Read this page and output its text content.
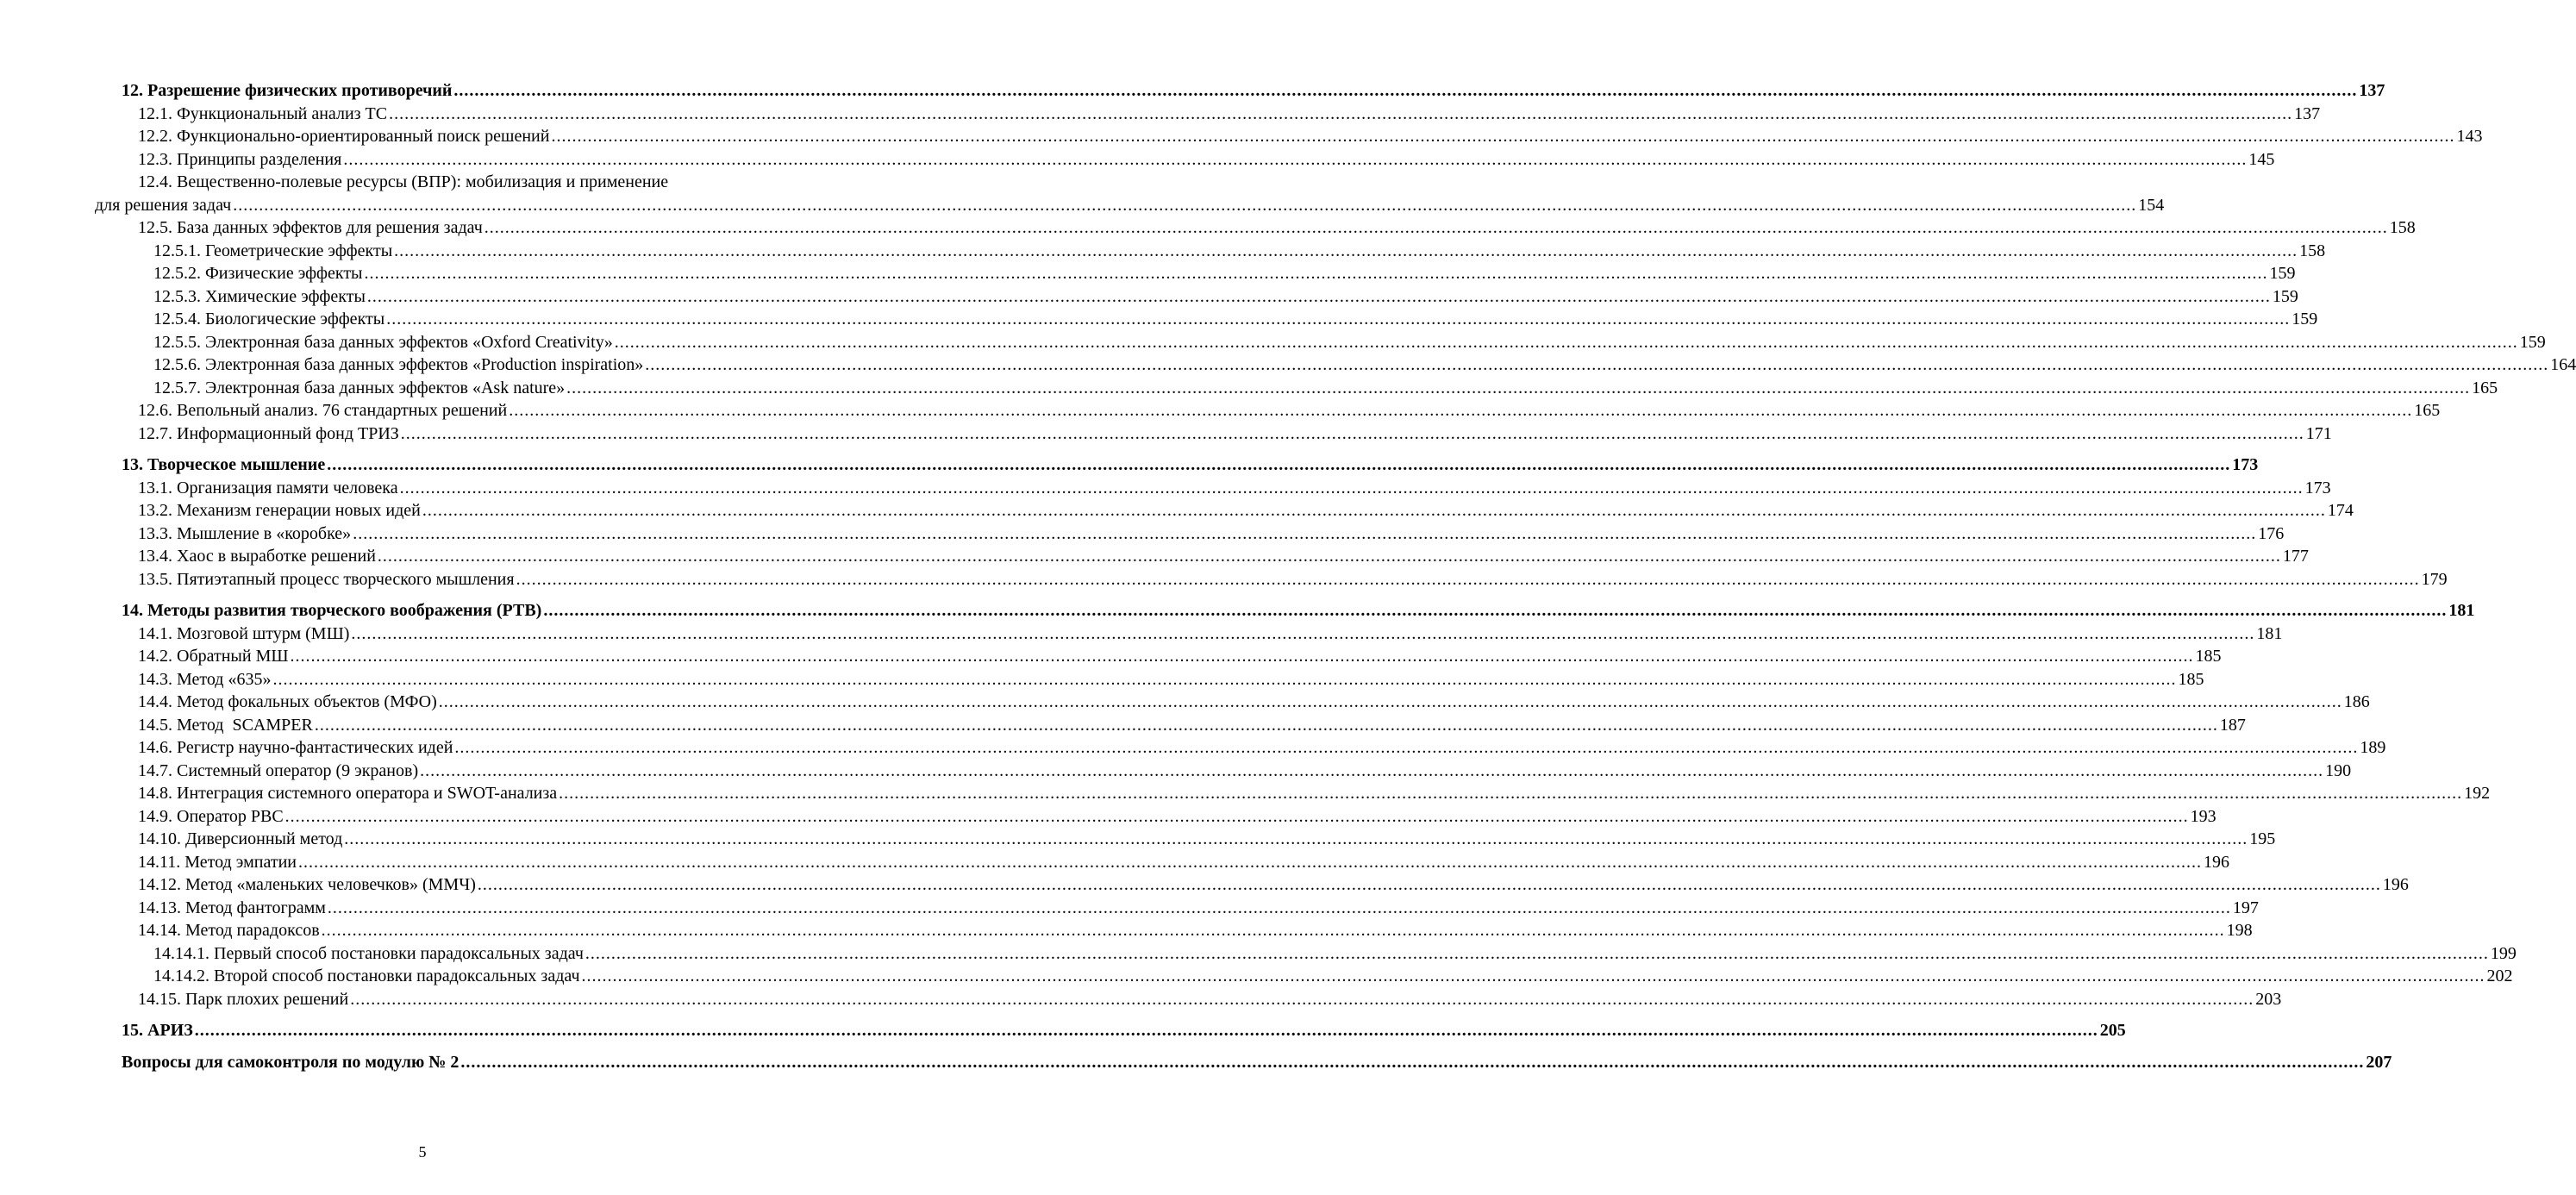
12. Разрешение физических противоречий .....	137
12.1. Функциональный анализ ТС .....	137
12.2. Функционально-ориентированный поиск решений .....	143
12.3. Принципы разделения .....	145
12.4. Вещественно-полевые ресурсы (ВПР): мобилизация и применение
для решения задач .....	154
12.5. База данных эффектов для решения задач .....	158
12.5.1. Геометрические эффекты .....	158
12.5.2. Физические эффекты .....	159
12.5.3. Химические эффекты .....	159
12.5.4. Биологические эффекты .....	159
12.5.5. Электронная база данных эффектов «Oxford Creativity» .....	159
12.5.6. Электронная база данных эффектов «Production inspiration» .....	164
12.5.7. Электронная база данных эффектов «Ask nature» .....	165
12.6. Вепольный анализ. 76 стандартных решений .....	165
12.7. Информационный фонд ТРИЗ .....	171
13. Творческое мышление .....	173
13.1. Организация памяти человека .....	173
13.2. Механизм генерации новых идей .....	174
13.3. Мышление в «коробке» .....	176
13.4. Хаос в выработке решений .....	177
13.5. Пятиэтапный процесс творческого мышления .....	179
14. Методы развития творческого воображения (РТВ) .....	181
14.1. Мозговой штурм (МШ) .....	181
14.2. Обратный МШ .....	185
14.3. Метод «635» .....	185
14.4. Метод фокальных объектов (МФО) .....	186
14.5. Метод  SCAMPER .....	187
14.6. Регистр научно-фантастических идей .....	189
14.7. Системный оператор (9 экранов) .....	190
14.8. Интеграция системного оператора и SWOT-анализа .....	192
14.9. Оператор РВС .....	193
14.10. Диверсионный метод .....	195
14.11. Метод эмпатии .....	196
14.12. Метод «маленьких человечков» (ММЧ) .....	196
14.13. Метод фантограмм .....	197
14.14. Метод парадоксов .....	198
14.14.1. Первый способ постановки парадоксальных задач .....	199
14.14.2. Второй способ постановки парадоксальных задач .....	202
14.15. Парк плохих решений .....	203
15. АРИЗ .....	205
Вопросы для самоконтроля по модулю № 2 .....	207
5
